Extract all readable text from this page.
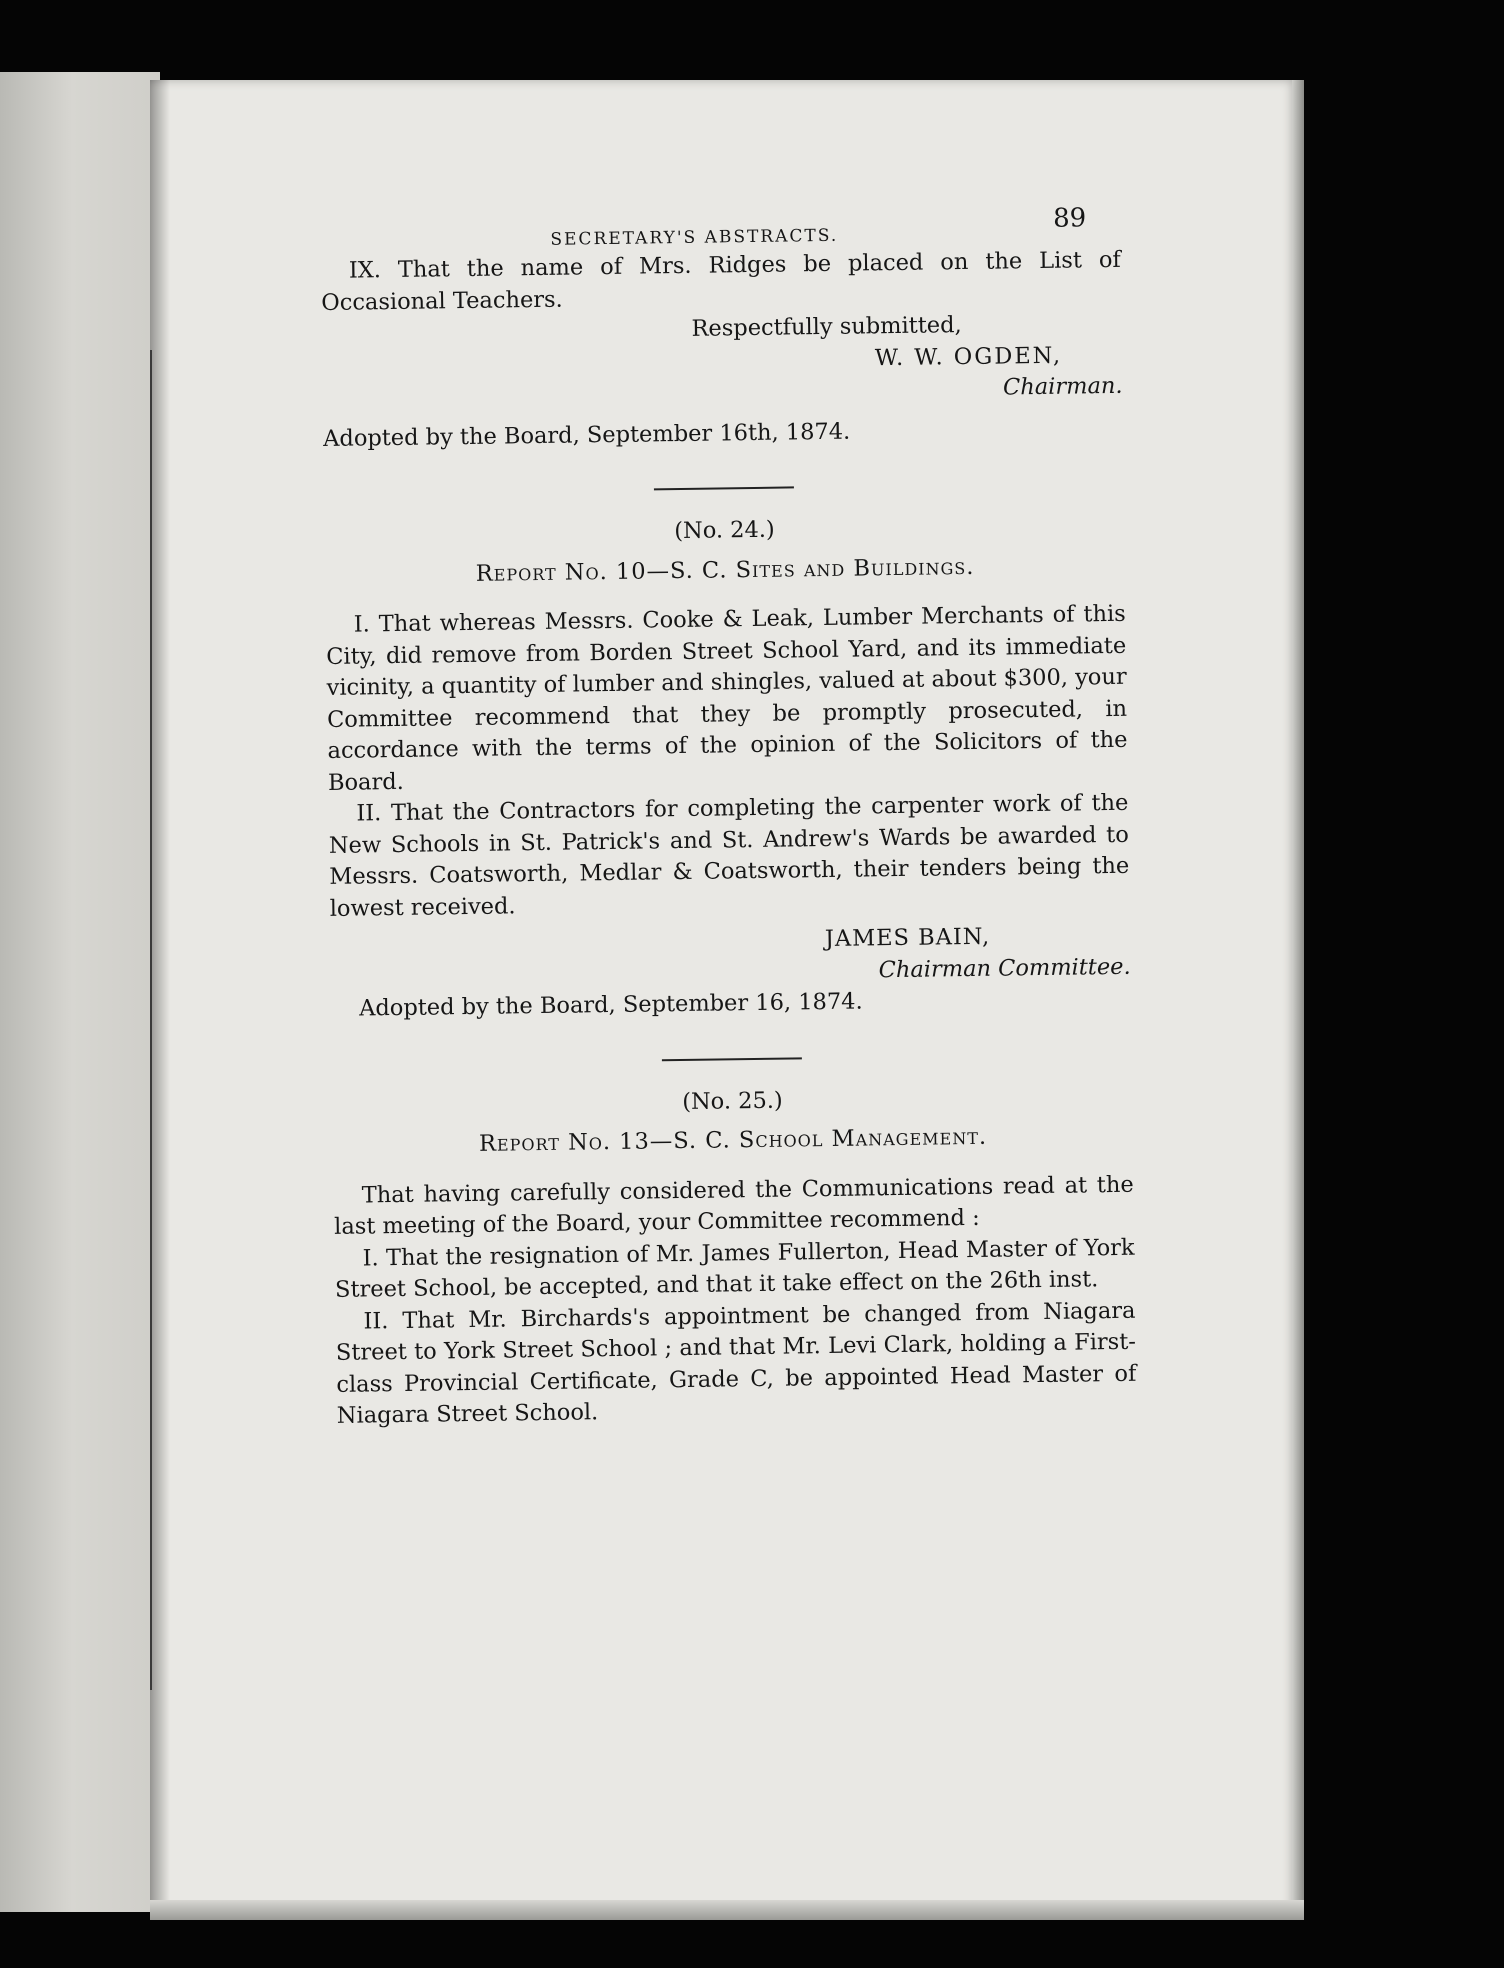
SECRETARY'S ABSTRACTS.
89

IX. That the name of Mrs. Ridges be placed on the List of Occasional Teachers.

Respectfully submitted,

W. W. OGDEN,

Chairman.

Adopted by the Board, September 16th, 1874.

(No. 24.)

Report No. 10—S. C. Sites and Buildings.

I. That whereas Messrs. Cooke & Leak, Lumber Merchants of this City, did remove from Borden Street School Yard, and its immediate vicinity, a quantity of lumber and shingles, valued at about $300, your Committee recommend that they be promptly prosecuted, in accordance with the terms of the opinion of the Solicitors of the Board.

II. That the Contractors for completing the carpenter work of the New Schools in St. Patrick's and St. Andrew's Wards be awarded to Messrs. Coatsworth, Medlar & Coatsworth, their tenders being the lowest received.

JAMES BAIN,

Chairman Committee.

Adopted by the Board, September 16, 1874.

(No. 25.)

Report No. 13—S. C. School Management.

That having carefully considered the Communications read at the last meeting of the Board, your Committee recommend :

I. That the resignation of Mr. James Fullerton, Head Master of York Street School, be accepted, and that it take effect on the 26th inst.

II. That Mr. Birchards's appointment be changed from Niagara Street to York Street School ; and that Mr. Levi Clark, holding a First-class Provincial Certificate, Grade C, be appointed Head Master of Niagara Street School.
